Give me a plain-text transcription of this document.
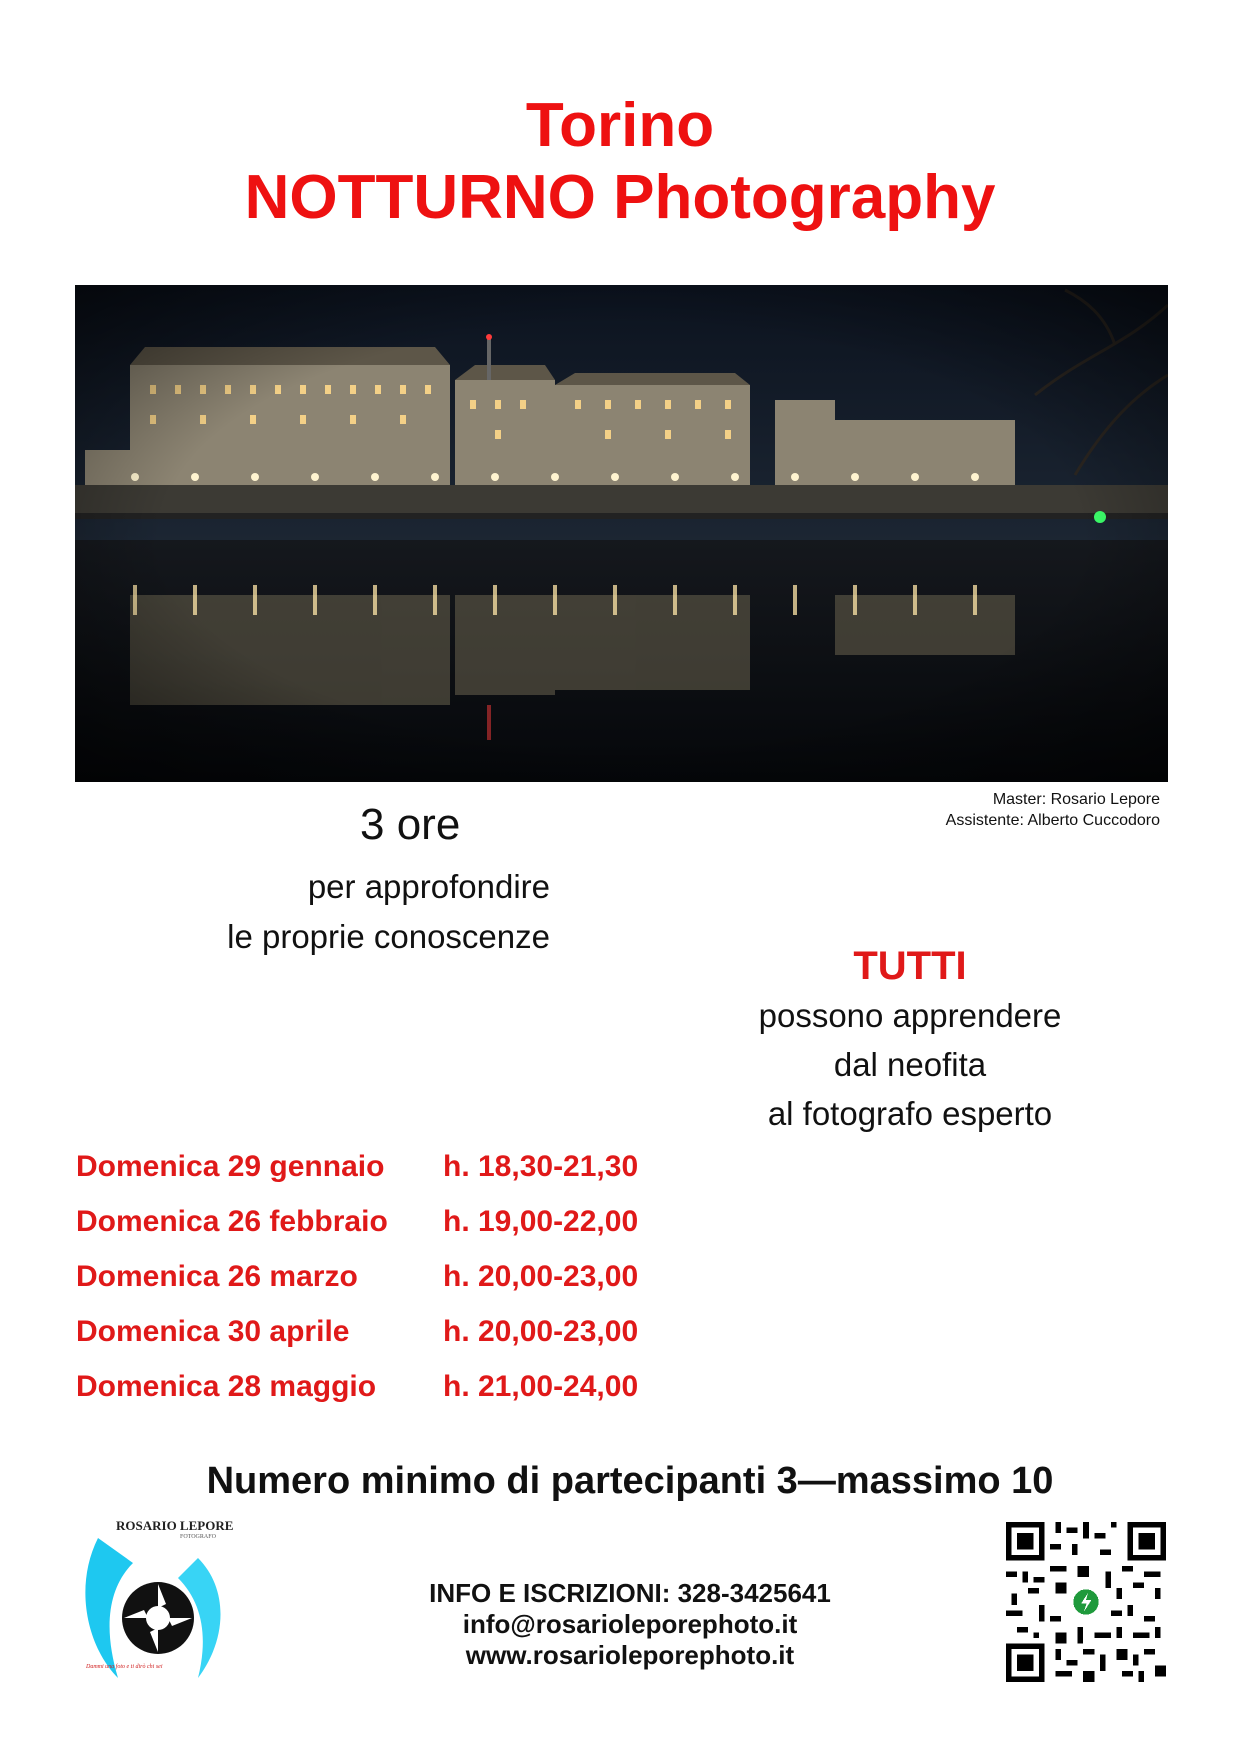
Torino
NOTTURNO Photography
Master: Rosario Lepore
Assistente: Alberto Cuccodoro
3 ore
per approfondire
le proprie conoscenze
TUTTI
possono apprendere
dal neofita
al fotografo esperto
Domenica 29 gennaio h. 18,30-21,30
Domenica 26 febbraio h. 19,00-22,00
Domenica 26 marzo	h. 20,00-23,00
Domenica 30 aprile	h. 20,00-23,00
Domenica 28 maggio h. 21,00-24,00
Numero minimo di partecipanti 3—massimo 10
ROSARIO LEPORE
FOTOGRAFO
Dammi una foto e ti dirò chi sei
INFO E ISCRIZIONI: 328-3425641
info@rosarioleporephoto.it
www.rosarioleporephoto.it
